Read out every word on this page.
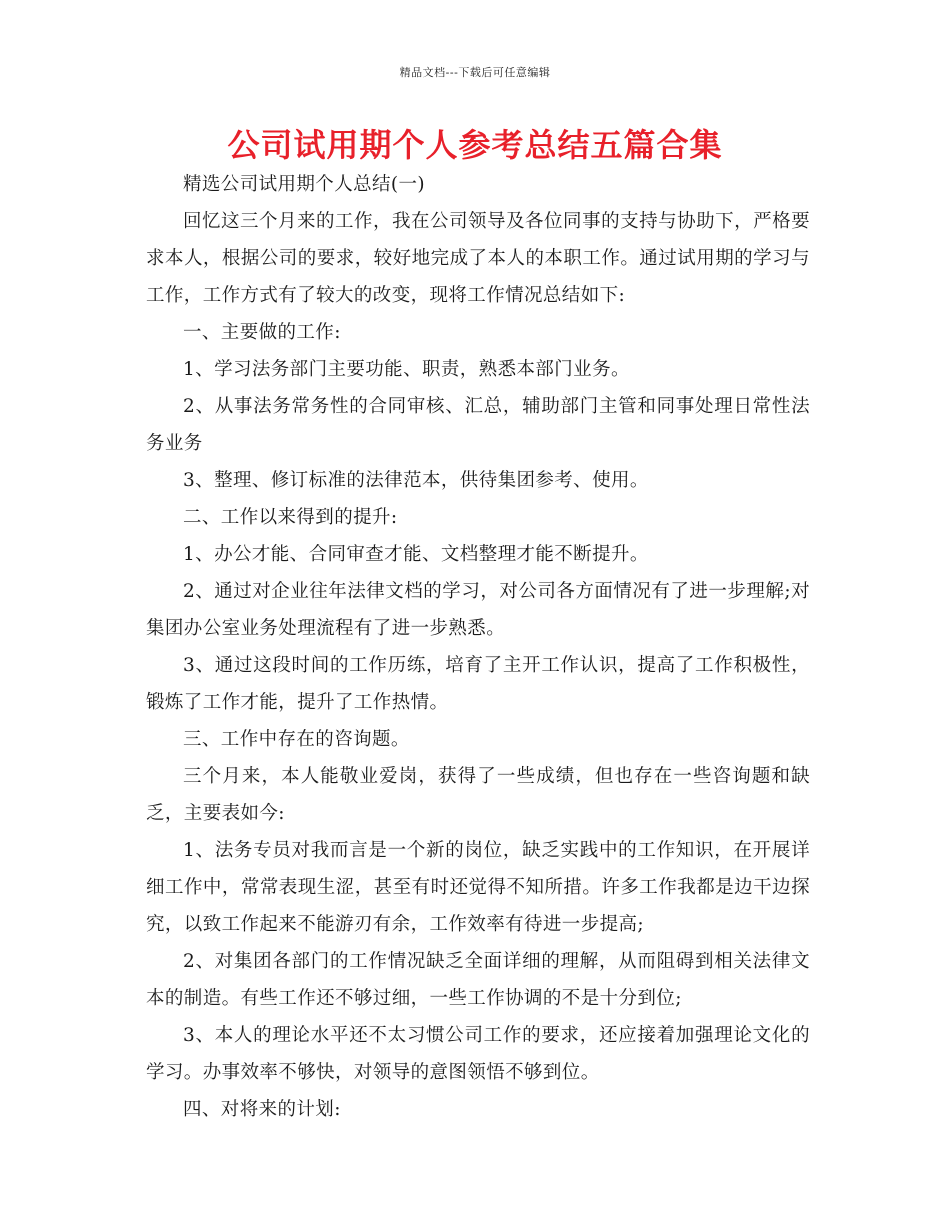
精品文档---下载后可任意编辑
公司试用期个人参考总结五篇合集

精选公司试用期个人总结(一)

回忆这三个月来的工作，我在公司领导及各位同事的支持与协助下，严格要求本人，根据公司的要求，较好地完成了本人的本职工作。通过试用期的学习与工作，工作方式有了较大的改变，现将工作情况总结如下:

一、主要做的工作:

1、学习法务部门主要功能、职责，熟悉本部门业务。

2、从事法务常务性的合同审核、汇总，辅助部门主管和同事处理日常性法务业务

3、整理、修订标准的法律范本，供待集团参考、使用。

二、工作以来得到的提升:

1、办公才能、合同审查才能、文档整理才能不断提升。

2、通过对企业往年法律文档的学习，对公司各方面情况有了进一步理解;对集团办公室业务处理流程有了进一步熟悉。

3、通过这段时间的工作历练，培育了主开工作认识，提高了工作积极性，锻炼了工作才能，提升了工作热情。

三、工作中存在的咨询题。

三个月来，本人能敬业爱岗，获得了一些成绩，但也存在一些咨询题和缺乏，主要表如今:

1、法务专员对我而言是一个新的岗位，缺乏实践中的工作知识，在开展详细工作中，常常表现生涩，甚至有时还觉得不知所措。许多工作我都是边干边探究，以致工作起来不能游刃有余，工作效率有待进一步提高;

2、对集团各部门的工作情况缺乏全面详细的理解，从而阻碍到相关法律文本的制造。有些工作还不够过细，一些工作协调的不是十分到位;

3、本人的理论水平还不太习惯公司工作的要求，还应接着加强理论文化的学习。办事效率不够快，对领导的意图领悟不够到位。

四、对将来的计划:
